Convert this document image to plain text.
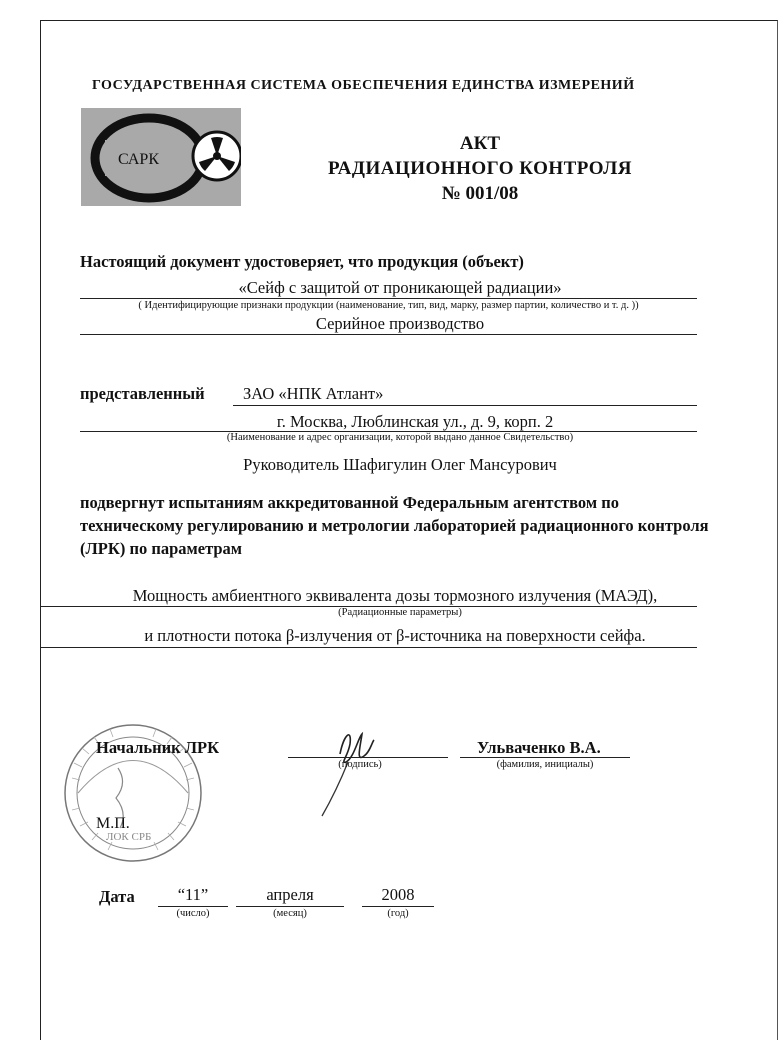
ГОСУДАРСТВЕННАЯ СИСТЕМА ОБЕСПЕЧЕНИЯ ЕДИНСТВА ИЗМЕРЕНИЙ
САРК
АКТ
РАДИАЦИОННОГО КОНТРОЛЯ
№ 001/08
Настоящий документ удостоверяет, что продукция (объект)
«Сейф с защитой от проникающей радиации»
( Идентифицирующие признаки продукции (наименование, тип, вид, марку, размер партии, количество и т. д. ))
Серийное производство
представленный ЗАО «НПК Атлант»
г. Москва, Люблинская ул., д. 9, корп. 2
(Наименование и адрес организации, которой выдано данное Свидетельство)
Руководитель Шафигулин Олег Мансурович
подвергнут испытаниям аккредитованной Федеральным агентством по техническому регулированию и метрологии лабораторией радиационного контроля (ЛРК) по параметрам
Мощность амбиентного эквивалента дозы тормозного излучения (МАЭД),
(Радиационные параметры)
и плотности потока β-излучения от β-источника на поверхности сейфа.
ЛОК СРБ
М.П.
Начальник ЛРК
(подпись)
Ульваченко В.А.
(фамилия, инициалы)
Дата	“11”
(число)
апреля
(месяц)
2008
(год)
